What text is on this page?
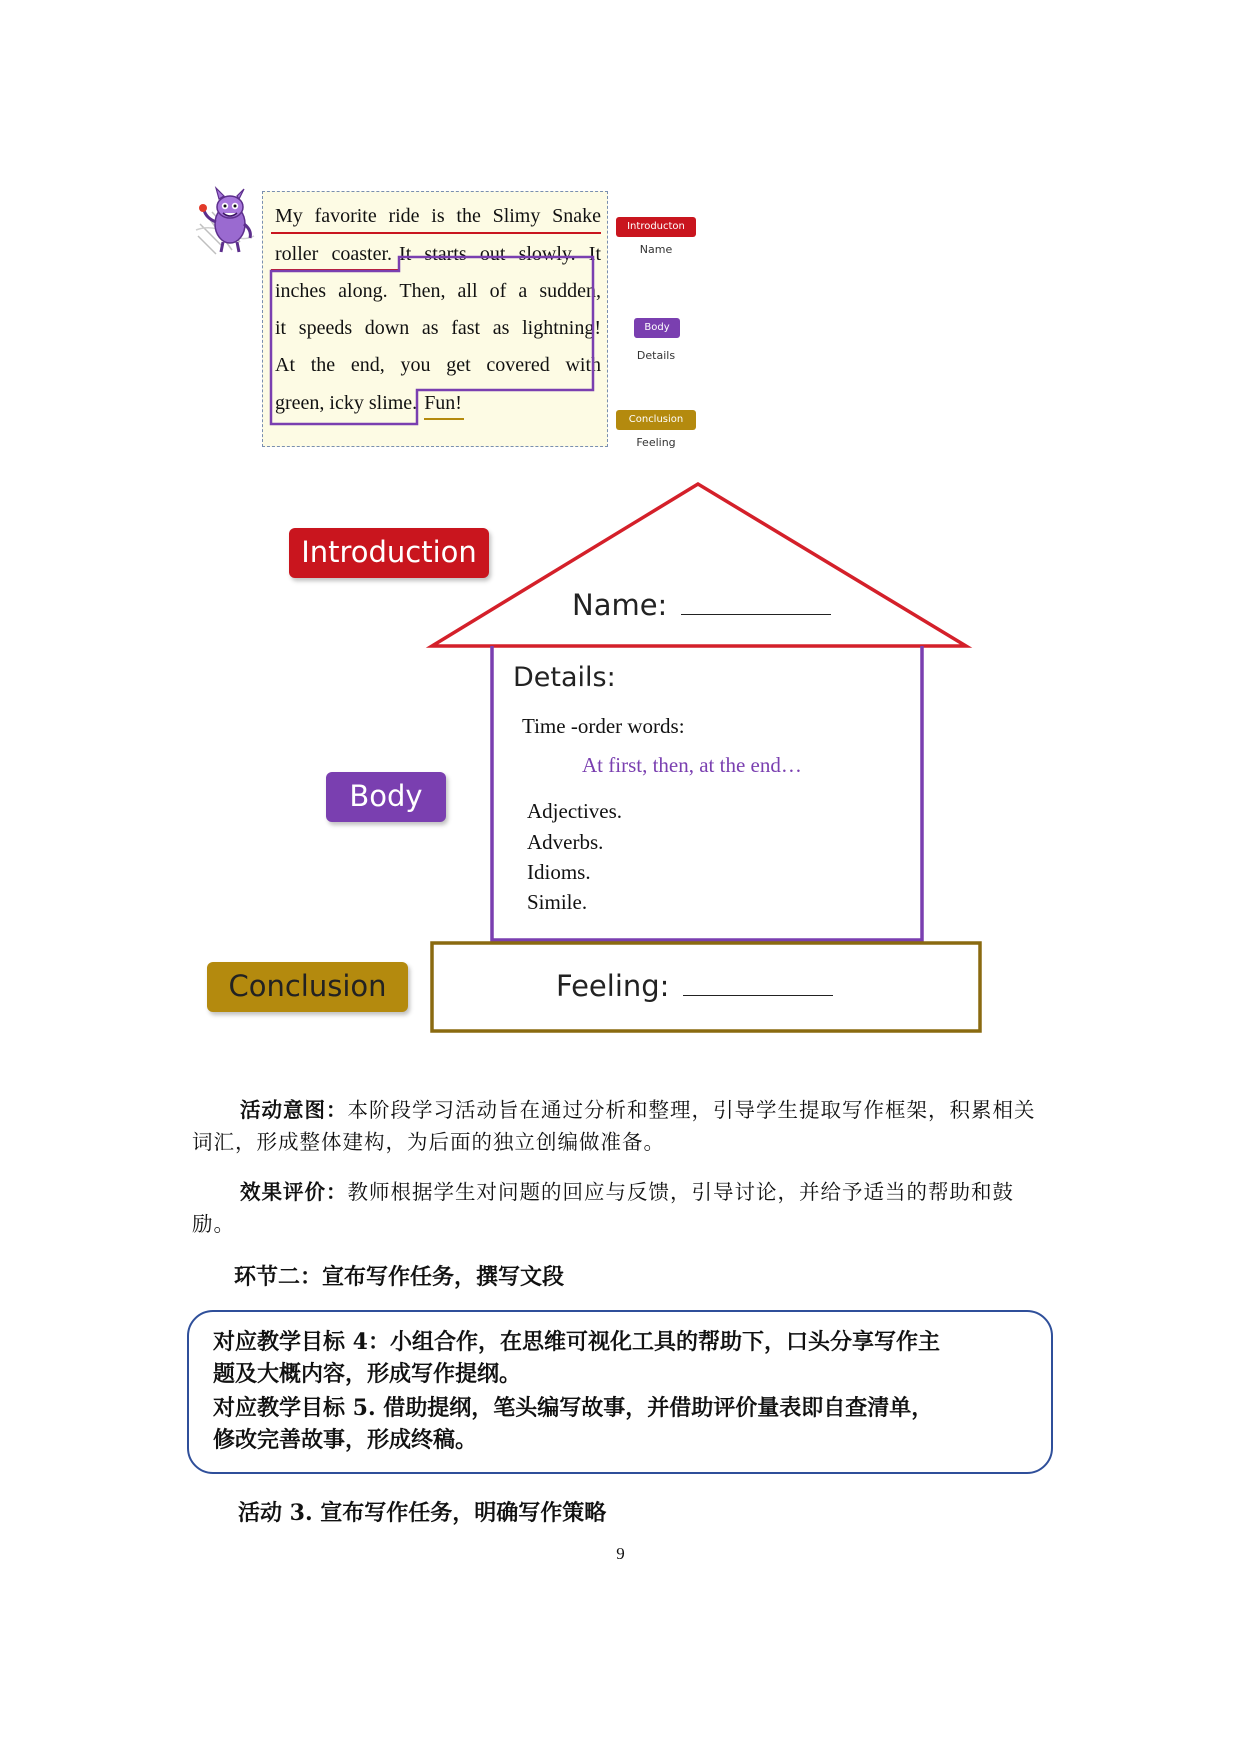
My favorite ride is the Slimy Snake
roller coaster. It starts out slowly. It
inches along. Then, all of a sudden,
it speeds down as fast as lightning!
At the end, you get covered with
green, icky slime. Fun!
Introducton
Name
Body
Details
Conclusion
Feeling
Introduction
Body
Conclusion
Name:
Details:
Time -order words:
At first, then, at the end…
Adjectives.
Adverbs.
Idioms.
Simile.
Feeling:
活动意图：本阶段学习活动旨在通过分析和整理，引导学生提取写作框架，积累相关词汇，形成整体建构，为后面的独立创编做准备。
效果评价：教师根据学生对问题的回应与反馈，引导讨论，并给予适当的帮助和鼓励。
环节二：宣布写作任务，撰写文段
对应教学目标 4：小组合作，在思维可视化工具的帮助下，口头分享写作主
题及大概内容，形成写作提纲。
对应教学目标 5. 借助提纲，笔头编写故事，并借助评价量表即自查清单，
修改完善故事，形成终稿。
活动 3. 宣布写作任务，明确写作策略
9
